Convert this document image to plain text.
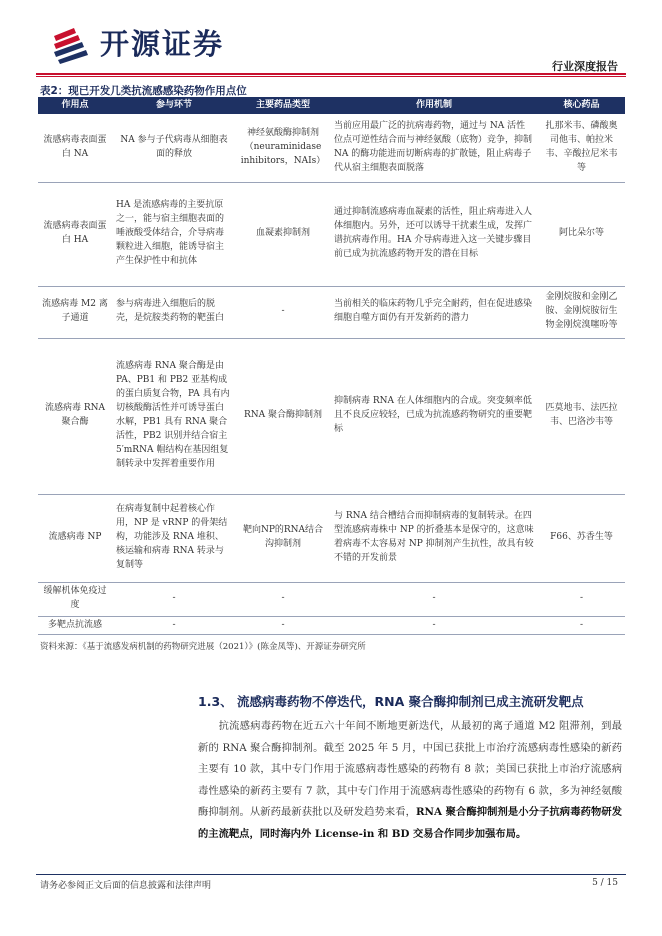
开源证券
行业深度报告
表2：现已开发几类抗流感感染药物作用点位
作用点	参与环节	主要药品类型	作用机制	核心药品
流感病毒表面蛋白 NA	NA 参与子代病毒从细胞表面的释放	神经氨酸酶抑制剂（neuraminidase inhibitors，NAIs）	当前应用最广泛的抗病毒药物，通过与 NA 活性位点可逆性结合而与神经氨酸（底物）竞争，抑制 NA 的酶功能进而切断病毒的扩散链，阻止病毒子代从宿主细胞表面脱落	扎那米韦、磷酸奥司他韦、帕拉米韦、辛酸拉尼米韦等
流感病毒表面蛋白 HA	HA 是流感病毒的主要抗原之一，能与宿主细胞表面的唾液酸受体结合，介导病毒颗粒进入细胞，能诱导宿主产生保护性中和抗体	血凝素抑制剂	通过抑制流感病毒血凝素的活性，阻止病毒进入人体细胞内。另外，还可以诱导干扰素生成，发挥广谱抗病毒作用。HA 介导病毒进入这一关键步骤目前已成为抗流感药物开发的潜在目标	阿比朵尔等
流感病毒 M2 离子通道	参与病毒进入细胞后的脱壳，是烷胺类药物的靶蛋白	-	当前相关的临床药物几乎完全耐药，但在促进感染细胞自噬方面仍有开发新药的潜力	金刚烷胺和金刚乙胺、金刚烷胺衍生物金刚烷溴噻吩等
流感病毒 RNA 聚合酶	流感病毒 RNA 聚合酶是由 PA、PB1 和 PB2 亚基构成的蛋白质复合物，PA 具有内切核酸酶活性并可诱导蛋白水解，PB1 具有 RNA 聚合活性，PB2 识别并结合宿主5′mRNA 帽结构在基因组复制转录中发挥着重要作用	RNA 聚合酶抑制剂	抑制病毒 RNA 在人体细胞内的合成。突变频率低且不良反应较轻，已成为抗流感药物研究的重要靶标	匹莫地韦、法匹拉韦、巴洛沙韦等
流感病毒 NP	在病毒复制中起着核心作用，NP 是 vRNP 的骨架结构，功能涉及 RNA 堆积、核运输和病毒 RNA 转录与复制等	靶向NP的RNA结合沟抑制剂	与 RNA 结合槽结合而抑制病毒的复制转录。在四型流感病毒株中 NP 的折叠基本是保守的，这意味着病毒不太容易对 NP 抑制剂产生抗性，故具有较不错的开发前景	F66、苏香生等
缓解机体免疫过度	-	-	-	-
多靶点抗流感	-	-	-	-
资料来源：《基于流感发病机制的药物研究进展（2021）》(陈金凤等)、开源证券研究所
1.3、 流感病毒药物不停迭代，RNA 聚合酶抑制剂已成主流研发靶点
抗流感病毒药物在近五六十年间不断地更新迭代，从最初的离子通道 M2 阻滞剂，到最新的 RNA 聚合酶抑制剂。截至 2025 年 5 月，中国已获批上市治疗流感病毒性感染的新药主要有 10 款，其中专门作用于流感病毒性感染的药物有 8 款；美国已获批上市治疗流感病毒性感染的新药主要有 7 款，其中专门作用于流感病毒性感染的药物有 6 款，多为神经氨酸酶抑制剂。从新药最新获批以及研发趋势来看，RNA 聚合酶抑制剂是小分子抗病毒药物研发的主流靶点，同时海内外 License-in 和 BD 交易合作同步加强布局。
请务必参阅正文后面的信息披露和法律声明	5 / 15
